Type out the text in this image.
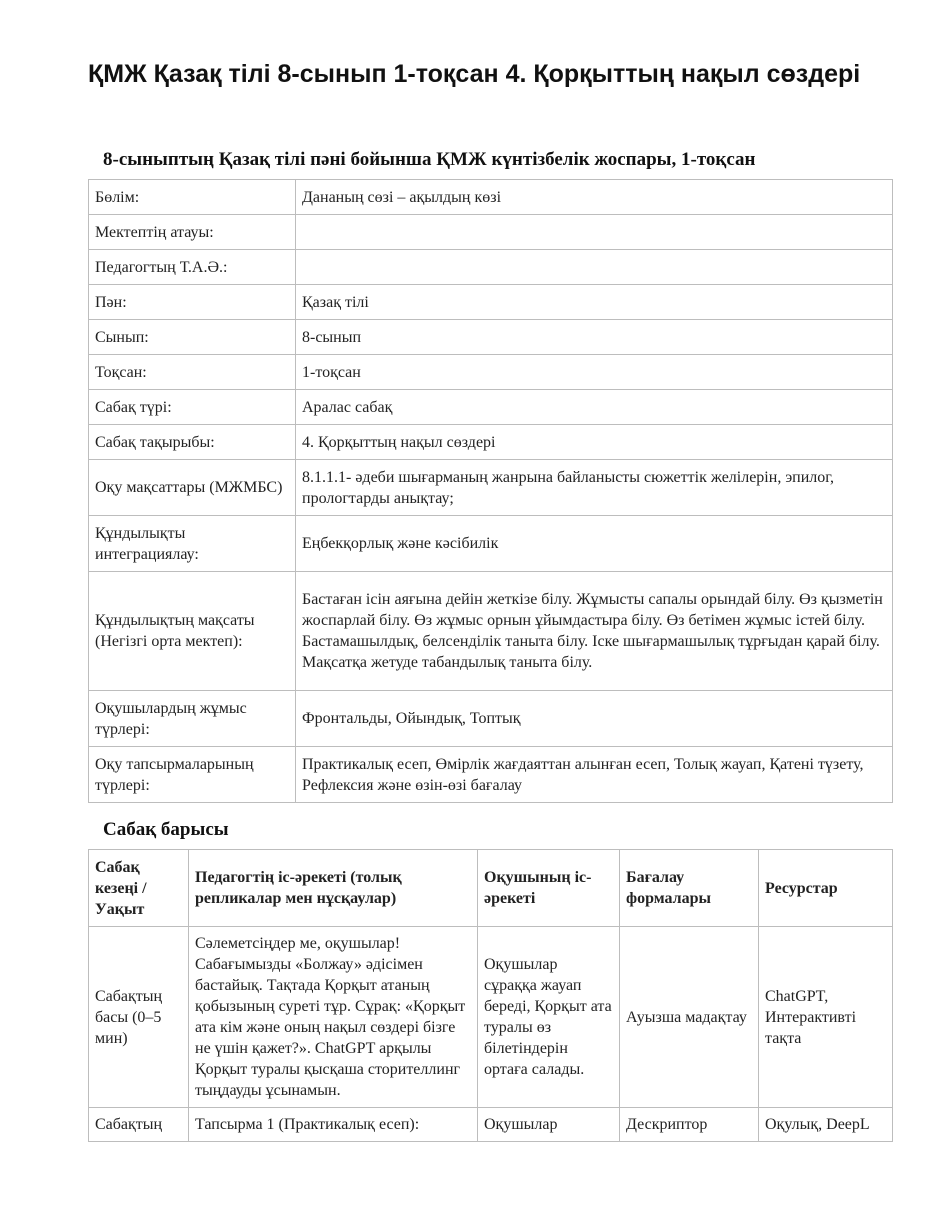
ҚМЖ Қазақ тілі 8-сынып 1-тоқсан 4. Қорқыттың нақыл сөздері
8-сыныптың Қазақ тілі пәні бойынша ҚМЖ күнтізбелік жоспары, 1-тоқсан
Бөлім:	Дананың сөзі – ақылдың көзі
Мектептің атауы:	
Педагогтың Т.А.Ә.:	
Пән:	Қазақ тілі
Сынып:	8-сынып
Тоқсан:	1-тоқсан
Сабақ түрі:	Аралас сабақ
Сабақ тақырыбы:	4. Қорқыттың нақыл сөздері
Оқу мақсаттары (МЖМБС)	8.1.1.1- әдеби шығарманың жанрына байланысты сюжеттік желілерін, эпилог, прологтарды анықтау;
Құндылықты интеграциялау:	Еңбекқорлық және кәсібилік
Құндылықтың мақсаты (Негізгі орта мектеп):	Бастаған ісін аяғына дейін жеткізе білу. Жұмысты сапалы орындай білу. Өз қызметін жоспарлай білу. Өз жұмыс орнын ұйымдастыра білу. Өз бетімен жұмыс істей білу. Бастамашылдық, белсенділік таныта білу. Іске шығармашылық тұрғыдан қарай білу. Мақсатқа жетуде табандылық таныта білу.
Оқушылардың жұмыс түрлері:	Фронтальды, Ойындық, Топтық
Оқу тапсырмаларының түрлері:	Практикалық есеп, Өмірлік жағдаяттан алынған есеп, Толық жауап, Қатені түзету, Рефлексия және өзін-өзі бағалау
Сабақ барысы
Сабақ кезеңі / Уақыт	Педагогтің іс-әрекеті (толық репликалар мен нұсқаулар)	Оқушының іс-әрекеті	Бағалау формалары	Ресурстар
Сабақтың басы (0–5 мин)	Сәлеметсіңдер ме, оқушылар! Сабағымызды «Болжау» әдісімен бастайық. Тақтада Қорқыт атаның қобызының суреті тұр. Сұрақ: «Қорқыт ата кім және оның нақыл сөздері бізге не үшін қажет?». ChatGPT арқылы Қорқыт туралы қысқаша сторителлинг тыңдауды ұсынамын.	Оқушылар сұраққа жауап береді, Қорқыт ата туралы өз білетіндерін ортаға салады.	Ауызша мадақтау	ChatGPT, Интерактивті тақта
Сабақтың	Тапсырма 1 (Практикалық есеп):	Оқушылар	Дескриптор	Оқулық, DeepL
